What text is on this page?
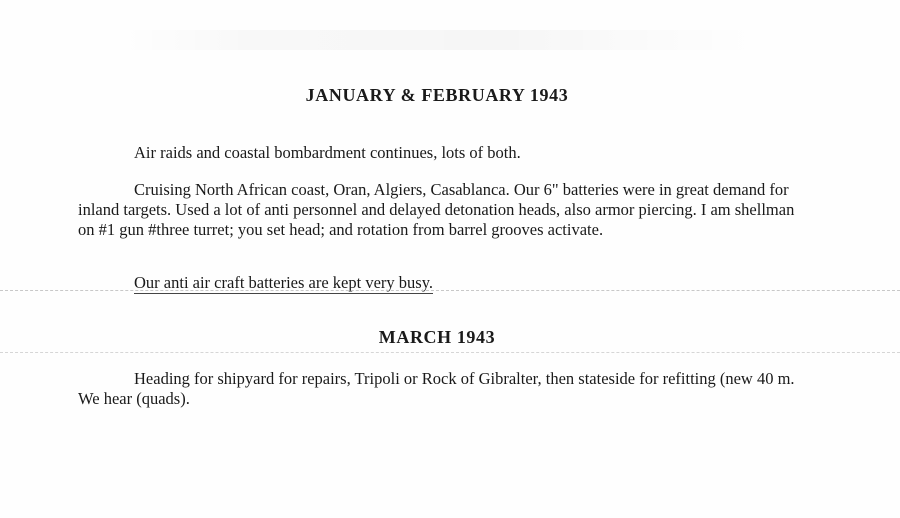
JANUARY & FEBRUARY 1943

Air raids and coastal bombardment continues, lots of both.

Cruising North African coast, Oran, Algiers, Casablanca. Our 6" batteries were in great demand for inland targets. Used a lot of anti personnel and delayed detonation heads, also armor piercing. I am shellman on #1 gun #three turret; you set head; and rotation from barrel grooves activate.

Our anti air craft batteries are kept very busy.

MARCH 1943

Heading for shipyard for repairs, Tripoli or Rock of Gibralter, then stateside for refitting (new 40 m. We hear (quads).
